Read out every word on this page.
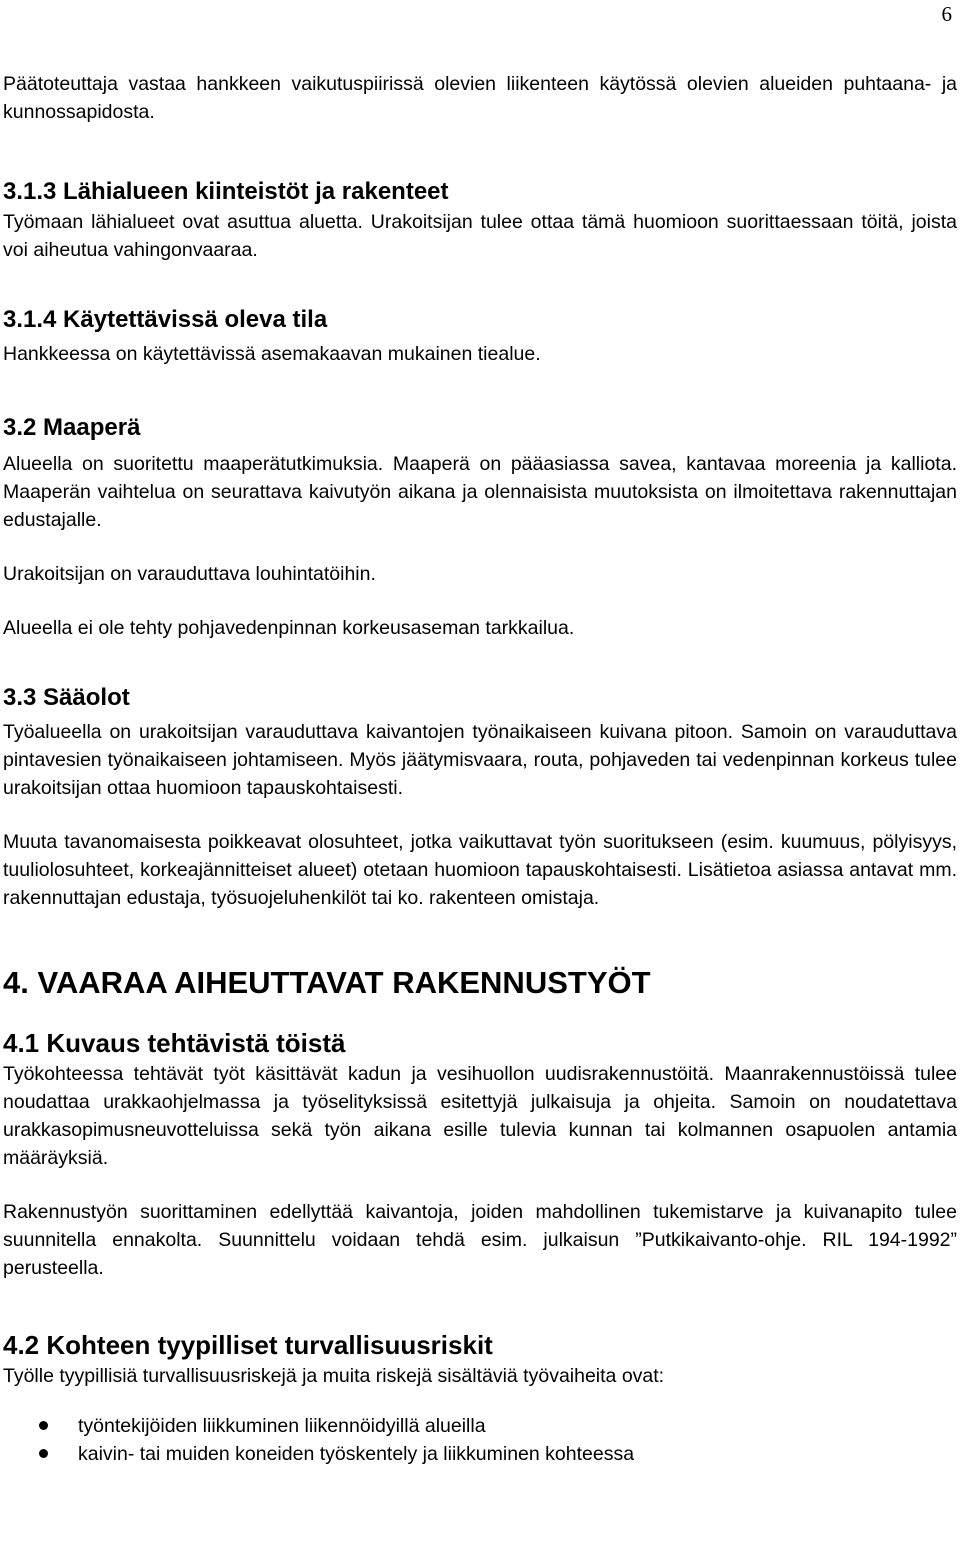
6

Päätoteuttaja vastaa hankkeen vaikutuspiirissä olevien liikenteen käytössä olevien alueiden puhtaana- ja kunnossapidosta.

3.1.3 Lähialueen kiinteistöt ja rakenteet

Työmaan lähialueet ovat asuttua aluetta. Urakoitsijan tulee ottaa tämä huomioon suorittaessaan töitä, joista voi aiheutua vahingonvaaraa.

3.1.4 Käytettävissä oleva tila

Hankkeessa on käytettävissä asemakaavan mukainen tiealue.

3.2 Maaperä

Alueella on suoritettu maaperätutkimuksia. Maaperä on pääasiassa savea, kantavaa moreenia ja kalliota. Maaperän vaihtelua on seurattava kaivutyön aikana ja olennaisista muutoksista on ilmoitettava rakennuttajan edustajalle.

Urakoitsijan on varauduttava louhintatöihin.

Alueella ei ole tehty pohjavedenpinnan korkeusaseman tarkkailua.

3.3 Sääolot

Työalueella on urakoitsijan varauduttava kaivantojen työnaikaiseen kuivana pitoon. Samoin on varauduttava pintavesien työnaikaiseen johtamiseen. Myös jäätymisvaara, routa, pohjaveden tai vedenpinnan korkeus tulee urakoitsijan ottaa huomioon tapauskohtaisesti.

Muuta tavanomaisesta poikkeavat olosuhteet, jotka vaikuttavat työn suoritukseen (esim. kuumuus, pölyisyys, tuuliolosuhteet, korkeajännitteiset alueet) otetaan huomioon tapauskohtaisesti. Lisätietoa asiassa antavat mm. rakennuttajan edustaja, työsuojeluhenkilöt tai ko. rakenteen omistaja.

4. VAARAA AIHEUTTAVAT RAKENNUSTYÖT
4.1 Kuvaus tehtävistä töistä

Työkohteessa tehtävät työt käsittävät kadun ja vesihuollon uudisrakennustöitä. Maanrakennustöissä tulee noudattaa urakkaohjelmassa ja työselityksissä esitettyjä julkaisuja ja ohjeita. Samoin on noudatettava urakkasopimusneuvotteluissa sekä työn aikana esille tulevia kunnan tai kolmannen osapuolen antamia määräyksiä.

Rakennustyön suorittaminen edellyttää kaivantoja, joiden mahdollinen tukemistarve ja kuivanapito tulee suunnitella ennakolta. Suunnittelu voidaan tehdä esim. julkaisun ”Putkikaivanto-ohje. RIL 194-1992” perusteella.

4.2 Kohteen tyypilliset turvallisuusriskit

Työlle tyypillisiä turvallisuusriskejä ja muita riskejä sisältäviä työvaiheita ovat:

työntekijöiden liikkuminen liikennöidyillä alueilla
kaivin- tai muiden koneiden työskentely ja liikkuminen kohteessa
